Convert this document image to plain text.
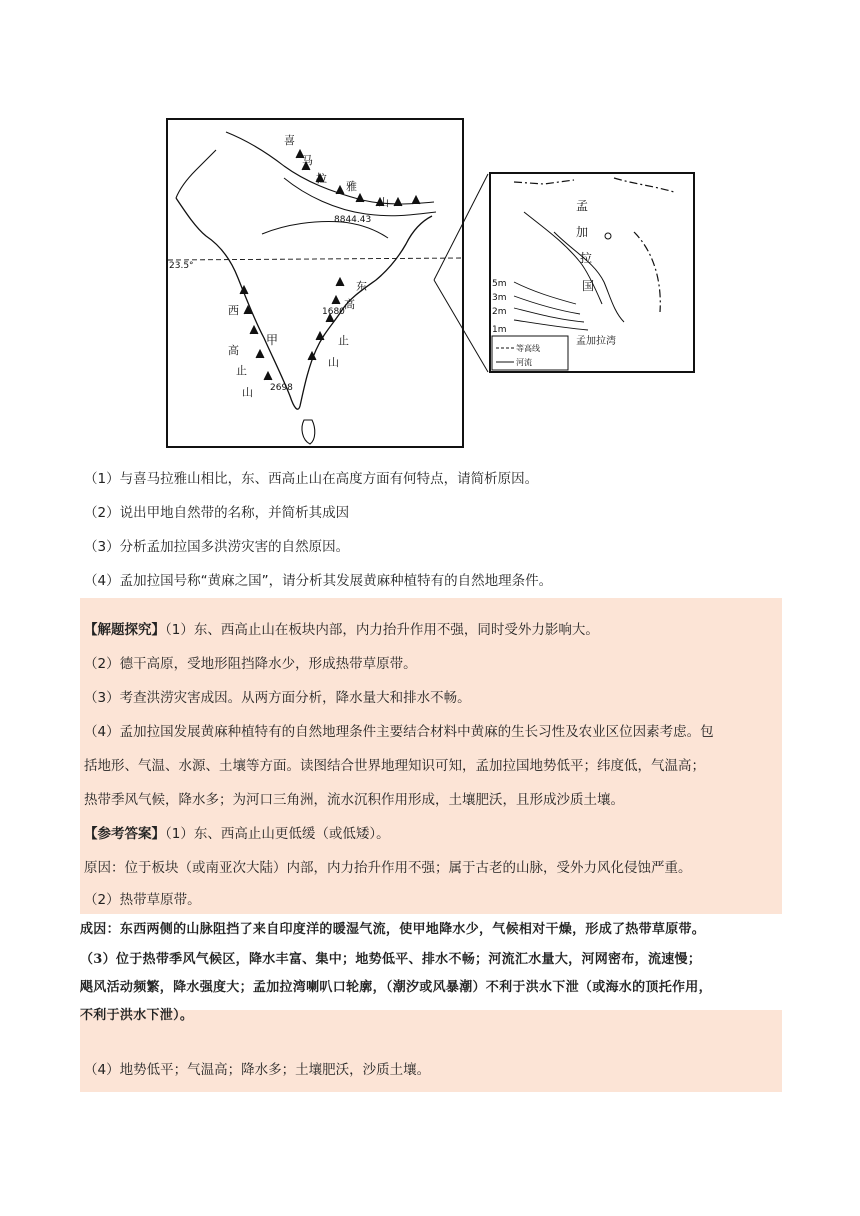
23.5°
喜
马
拉
雅
山
8844.43
西
高
止
山 2698
东
高
止
山
1680
甲
孟
加
拉
国
5m
3m
2m
1m
等高线
河流
孟加拉湾
（1）与喜马拉雅山相比，东、西高止山在高度方面有何特点，请简析原因。
（2）说出甲地自然带的名称，并简析其成因
（3）分析孟加拉国多洪涝灾害的自然原因。
（4）孟加拉国号称“黄麻之国”，请分析其发展黄麻种植特有的自然地理条件。
【解题探究】（1）东、西高止山在板块内部，内力抬升作用不强，同时受外力影响大。
（2）德干高原，受地形阻挡降水少，形成热带草原带。
（3）考查洪涝灾害成因。从两方面分析，降水量大和排水不畅。
（4）孟加拉国发展黄麻种植特有的自然地理条件主要结合材料中黄麻的生长习性及农业区位因素考虑。包
括地形、气温、水源、土壤等方面。读图结合世界地理知识可知，孟加拉国地势低平；纬度低，气温高；
热带季风气候，降水多；为河口三角洲，流水沉积作用形成，土壤肥沃，且形成沙质土壤。
【参考答案】（1）东、西高止山更低缓（或低矮）。
原因：位于板块（或南亚次大陆）内部，内力抬升作用不强；属于古老的山脉，受外力风化侵蚀严重。
（2）热带草原带。
成因：东西两侧的山脉阻挡了来自印度洋的暖湿气流，使甲地降水少，气候相对干燥，形成了热带草原带。
（3）位于热带季风气候区，降水丰富、集中；地势低平、排水不畅；河流汇水量大，河网密布，流速慢；
飓风活动频繁，降水强度大；孟加拉湾喇叭口轮廓，（潮汐或风暴潮）不利于洪水下泄（或海水的顶托作用，
不利于洪水下泄）。
（4）地势低平；气温高；降水多；土壤肥沃，沙质土壤。
